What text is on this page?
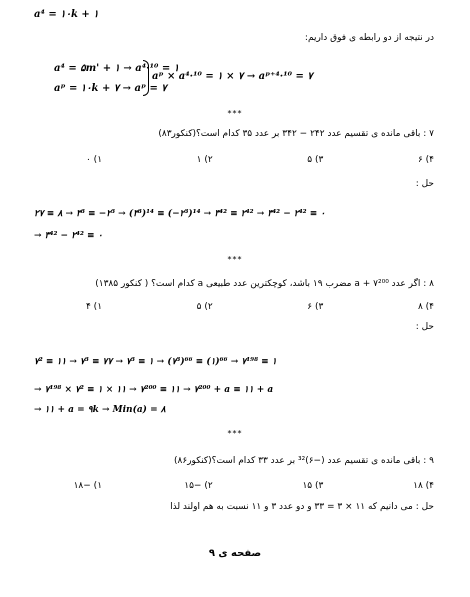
a⁴ = ۱۰k + ۱
در نتیجه از دو رابطه ی فوق داریم:
a⁴ = ۵m' + ۱ → a⁴·¹⁰ = ۱
aᵖ = ۱۰k + ۷ → aᵖ = ۷
aᵖ × a⁴·¹⁰ = ۱ × ۷ → aᵖ⁺⁴·¹⁰ = ۷
***
۷ : باقی مانده ی تقسیم عدد ۲۴۲ − ۳۴۲ بر عدد ۳۵ کدام است؟(کنکور۸۳)
۱) ۰	۲) ۱	۳) ۵	۴) ۶
حل :
۲۷ ≡ ۸ → ۳³ ≡ −۲³ → (۳³)¹⁴ ≡ (−۲³)¹⁴ → ۳⁴² ≡ ۲⁴² → ۳⁴² − ۲⁴² ≡ ۰
→ ۳⁴² − ۲⁴² ≡ ۰
***
۸ : اگر عدد a + ۷²⁰⁰ مضرب ۱۹ باشد، کوچکترین عدد طبیعی a کدام است؟ ( کنکور ۱۳۸۵)
۱) ۴	۲) ۵	۳) ۶	۴) ۸
حل :
۷² ≡ ۱۱ → ۷³ ≡ ۷۷ → ۷³ ≡ ۱ → (۷³)⁶⁶ ≡ (۱)⁶⁶ → ۷¹⁹⁸ ≡ ۱
→ ۷¹⁹⁸ × ۷² ≡ ۱ × ۱۱ → ۷²⁰⁰ ≡ ۱۱ → ۷²⁰⁰ + a ≡ ۱۱ + a
→ ۱۱ + a = ۹k → Min(a) = ۸
***
۹ : باقی مانده ی تقسیم عدد (−۶)³² بر عدد ۳۳ کدام است؟(کنکور۸۶)
۱) −۱۸	۲) −۱۵	۳) ۱۵	۴) ۱۸
حل : می دانیم که ۱۱ × ۳ = ۳۳ و دو عدد ۳ و ۱۱ نسبت به هم اولند لذا
صفحه ی ۹
